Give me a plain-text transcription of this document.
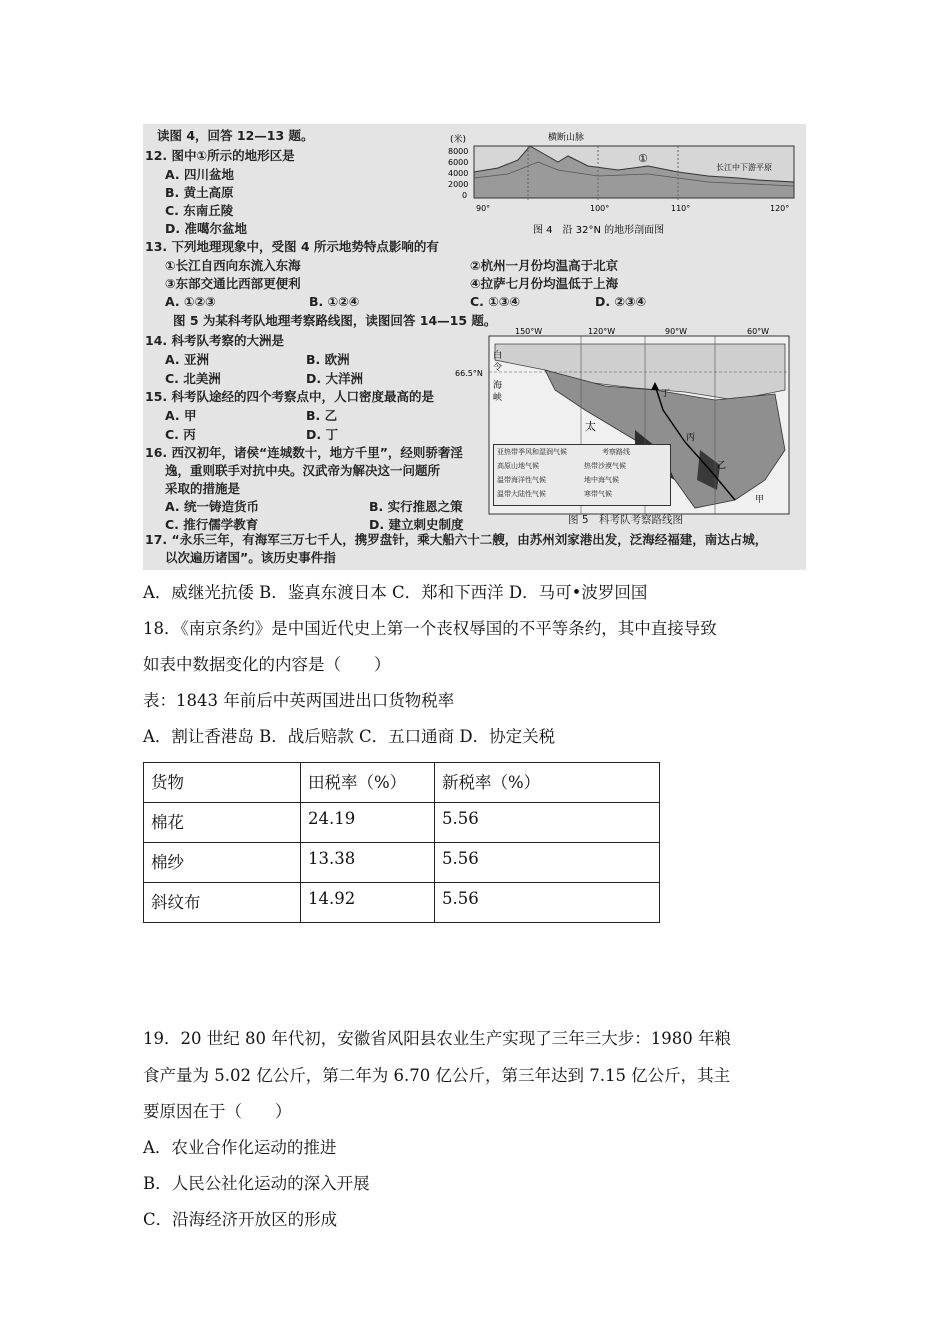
读图 4，回答 12—13 题。
12. 图中①所示的地形区是
A. 四川盆地
B. 黄土高原
C. 东南丘陵
D. 准噶尔盆地
(米)	横断山脉
8000
6000
4000
2000
0
90°	100°	110°	120°
①
长江中下游平原
图 4　沿 32°N 的地形剖面图
13. 下列地理现象中，受图 4 所示地势特点影响的有
①长江自西向东流入东海	②杭州一月份均温高于北京
③东部交通比西部更便利	④拉萨七月份均温低于上海
A. ①②③	B. ①②④	C. ①③④	D. ②③④
图 5 为某科考队地理考察路线图，读图回答 14—15 题。
14. 科考队考察的大洲是
A. 亚洲	B. 欧洲
C. 北美洲	D. 大洋洲
15. 科考队途经的四个考察点中，人口密度最高的是
A. 甲	B. 乙
C. 丙	D. 丁
16. 西汉初年，诸侯“连城数十，地方千里”，经则骄奢淫
逸，重则联手对抗中央。汉武帝为解决这一问题所
采取的措施是
A. 统一铸造货币	B. 实行推恩之策
C. 推行儒学教育	D. 建立刺史制度
150°W	120°W	90°W	60°W
66.5°N
白
令
海
峡
太
丁
丙
乙
甲
亚热带季风和湿润气候	考察路线
高原山地气候	热带沙漠气候
温带海洋性气候	地中海气候
温带大陆性气候	寒带气候
图 5　科考队考察路线图
17. “永乐三年，有海军三万七千人，携罗盘针，乘大船六十二艘，由苏州刘家港出发，泛海经福建，南达占城，
以次遍历诸国”。该历史事件指
A．威继光抗倭 B．鉴真东渡日本 C．郑和下西洋 D．马可•波罗回国
18．《南京条约》是中国近代史上第一个丧权辱国的不平等条约，其中直接导致
如表中数据变化的内容是（　　）
表：1843 年前后中英两国进出口货物税率
A．割让香港岛 B．战后赔款 C．五口通商 D．协定关税
货物	田税率（%）	新税率（%）
棉花	24.19	5.56
棉纱	13.38	5.56
斜纹布	14.92	5.56
19．20 世纪 80 年代初，安徽省风阳县农业生产实现了三年三大步：1980 年粮
食产量为 5.02 亿公斤，第二年为 6.70 亿公斤，第三年达到 7.15 亿公斤，其主
要原因在于（　　）
A．农业合作化运动的推进
B．人民公社化运动的深入开展
C．沿海经济开放区的形成
